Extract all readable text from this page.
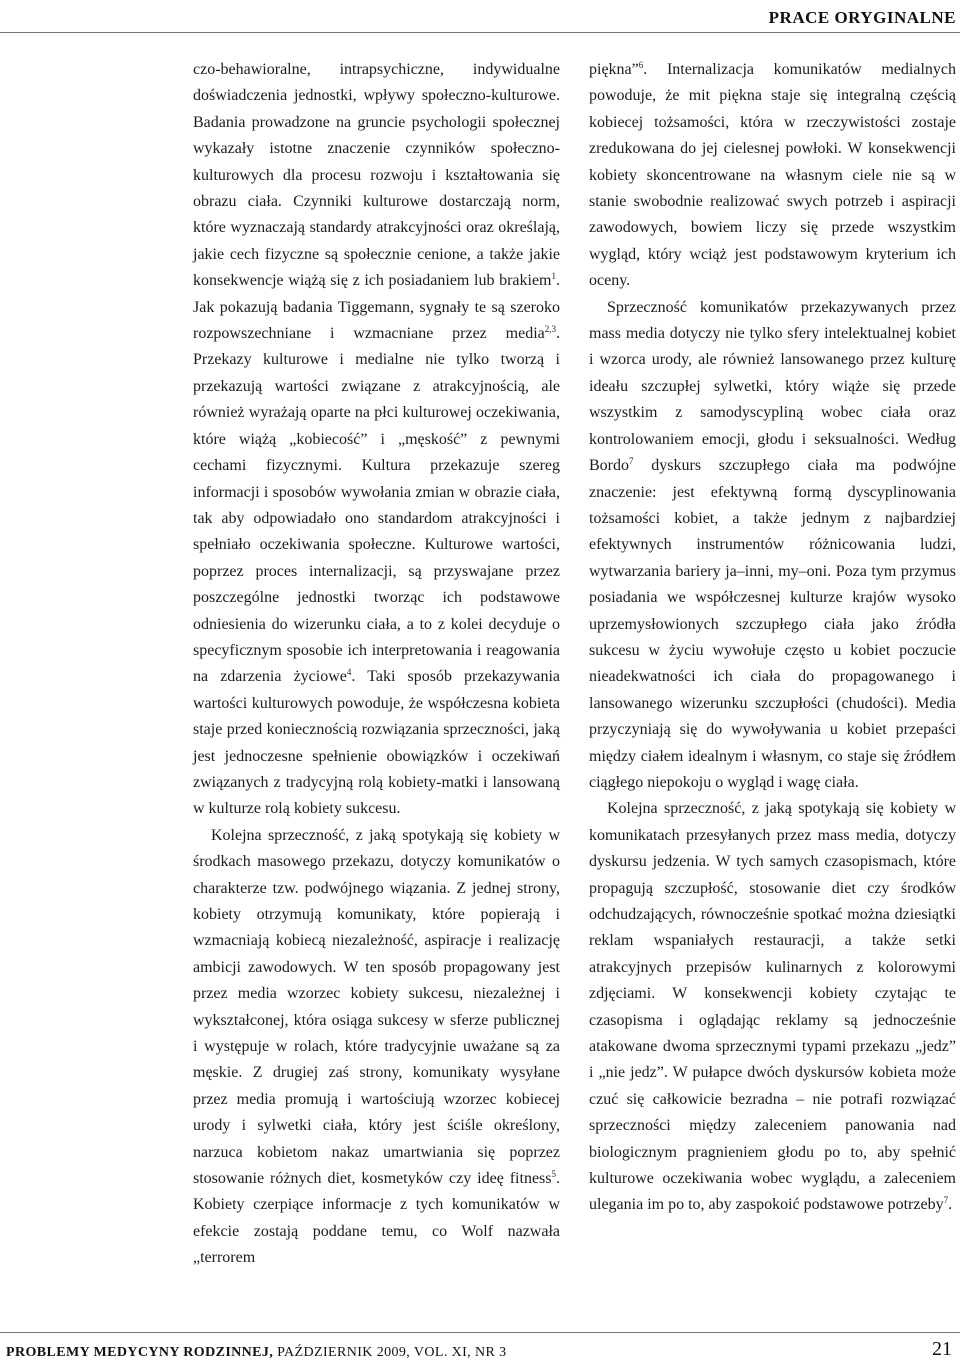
PRACE ORYGINALNE

czo-behawioralne, intrapsychiczne, indywidualne doświadczenia jednostki, wpływy społeczno-kulturowe. Badania prowadzone na gruncie psychologii społecznej wykazały istotne znaczenie czynników społeczno-kulturowych dla procesu rozwoju i kształtowania się obrazu ciała. Czynniki kulturowe dostarczają norm, które wyznaczają standardy atrakcyjności oraz określają, jakie cech fizyczne są społecznie cenione, a także jakie konsekwencje wiążą się z ich posiadaniem lub brakiem$^1$. Jak pokazują badania Tiggemann, sygnały te są szeroko rozpowszechniane i wzmacniane przez media$^{2,3}$. Przekazy kulturowe i medialne nie tylko tworzą i przekazują wartości związane z atrakcyjnością, ale również wyrażają oparte na płci kulturowej oczekiwania, które wiążą „kobiecość” i „męskość” z pewnymi cechami fizycznymi. Kultura przekazuje szereg informacji i sposobów wywołania zmian w obrazie ciała, tak aby odpowiadało ono standardom atrakcyjności i spełniało oczekiwania społeczne. Kulturowe wartości, poprzez proces internalizacji, są przyswajane przez poszczególne jednostki tworząc ich podstawowe odniesienia do wizerunku ciała, a to z kolei decyduje o specyficznym sposobie ich interpretowania i reagowania na zdarzenia życiowe$^4$. Taki sposób przekazywania wartości kulturowych powoduje, że współczesna kobieta staje przed koniecznością rozwiązania sprzeczności, jaką jest jednoczesne spełnienie obowiązków i oczekiwań związanych z tradycyjną rolą kobiety-matki i lansowaną w kulturze rolą kobiety sukcesu.

Kolejna sprzeczność, z jaką spotykają się kobiety w środkach masowego przekazu, dotyczy komunikatów o charakterze tzw. podwójnego wiązania. Z jednej strony, kobiety otrzymują komunikaty, które popierają i wzmacniają kobiecą niezależność, aspiracje i realizację ambicji zawodowych. W ten sposób propagowany jest przez media wzorzec kobiety sukcesu, niezależnej i wykształconej, która osiąga sukcesy w sferze publicznej i występuje w rolach, które tradycyjnie uważane są za męskie. Z drugiej zaś strony, komunikaty wysyłane przez media promują i wartościują wzorzec kobiecej urody i sylwetki ciała, który jest ściśle określony, narzuca kobietom nakaz umartwiania się poprzez stosowanie różnych diet, kosmetyków czy ideę fitness$^5$. Kobiety czerpiące informacje z tych komunikatów w efekcie zostają poddane temu, co Wolf nazwała „terrorem

piękna”$^6$. Internalizacja komunikatów medialnych powoduje, że mit piękna staje się integralną częścią kobiecej tożsamości, która w rzeczywistości zostaje zredukowana do jej cielesnej powłoki. W konsekwencji kobiety skoncentrowane na własnym ciele nie są w stanie swobodnie realizować swych potrzeb i aspiracji zawodowych, bowiem liczy się przede wszystkim wygląd, który wciąż jest podstawowym kryterium ich oceny.

Sprzeczność komunikatów przekazywanych przez mass media dotyczy nie tylko sfery intelektualnej kobiet i wzorca urody, ale również lansowanego przez kulturę ideału szczupłej sylwetki, który wiąże się przede wszystkim z samodyscypliną wobec ciała oraz kontrolowaniem emocji, głodu i seksualności. Według Bordo$^7$ dyskurs szczupłego ciała ma podwójne znaczenie: jest efektywną formą dyscyplinowania tożsamości kobiet, a także jednym z najbardziej efektywnych instrumentów różnicowania ludzi, wytwarzania bariery ja–inni, my–oni. Poza tym przymus posiadania we współczesnej kulturze krajów wysoko uprzemysłowionych szczupłego ciała jako źródła sukcesu w życiu wywołuje często u kobiet poczucie nieadekwatności ich ciała do propagowanego i lansowanego wizerunku szczupłości (chudości). Media przyczyniają się do wywoływania u kobiet przepaści między ciałem idealnym i własnym, co staje się źródłem ciągłego niepokoju o wygląd i wagę ciała.

Kolejna sprzeczność, z jaką spotykają się kobiety w komunikatach przesyłanych przez mass media, dotyczy dyskursu jedzenia. W tych samych czasopismach, które propagują szczupłość, stosowanie diet czy środków odchudzających, równocześnie spotkać można dziesiątki reklam wspaniałych restauracji, a także setki atrakcyjnych przepisów kulinarnych z kolorowymi zdjęciami. W konsekwencji kobiety czytając te czasopisma i oglądając reklamy są jednocześnie atakowane dwoma sprzecznymi typami przekazu „jedz” i „nie jedz”. W pułapce dwóch dyskursów kobieta może czuć się całkowicie bezradna – nie potrafi rozwiązać sprzeczności między zaleceniem panowania nad biologicznym pragnieniem głodu po to, aby spełnić kulturowe oczekiwania wobec wyglądu, a zaleceniem ulegania im po to, aby zaspokoić podstawowe potrzeby$^7$.

PROBLEMY MEDYCYNY RODZINNEJ, PAŹDZIERNIK 2009, VOL. XI, NR 3	21
